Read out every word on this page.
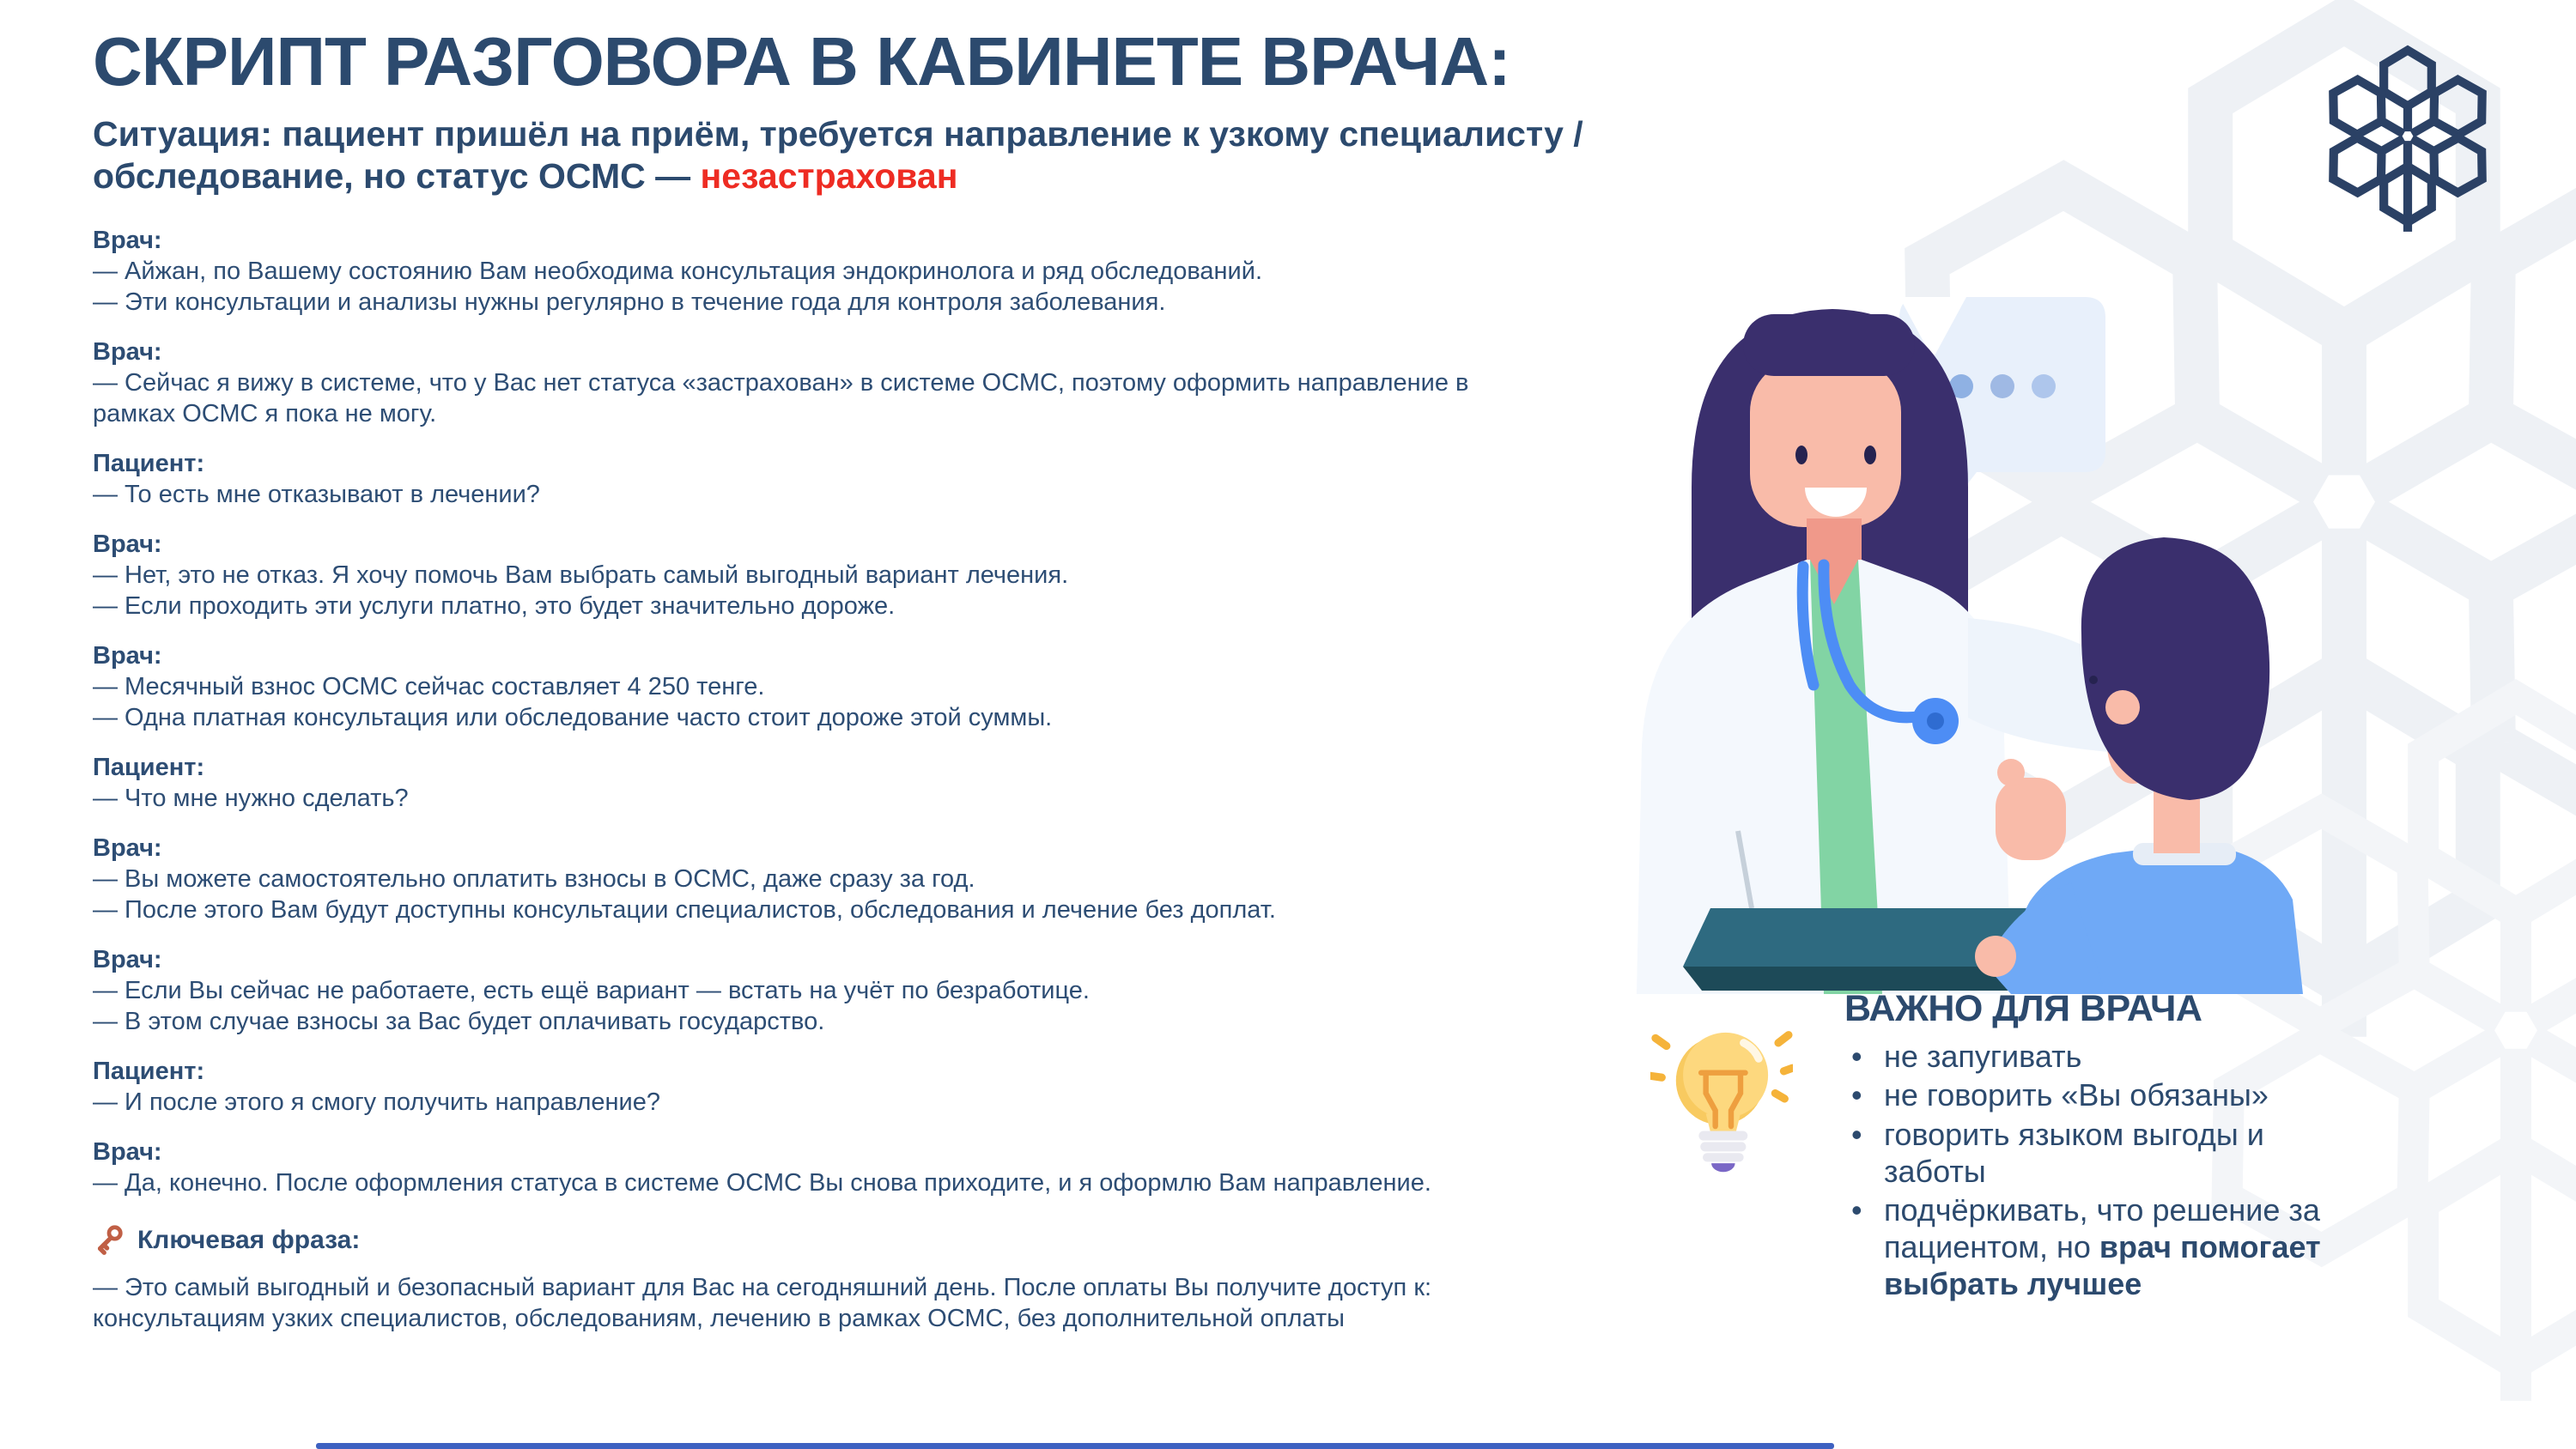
СКРИПТ РАЗГОВОРА В КАБИНЕТЕ ВРАЧА:

Ситуация: пациент пришёл на приём, требуется направление к узкому специалисту / обследование, но статус ОСМС — незастрахован

Врач:

— Айжан, по Вашему состоянию Вам необходима консультация эндокринолога и ряд обследований.

— Эти консультации и анализы нужны регулярно в течение года для контроля заболевания.

Врач:

— Сейчас я вижу в системе, что у Вас нет статуса «застрахован» в системе ОСМС, поэтому оформить направление в рамках ОСМС я пока не могу.

Пациент:

— То есть мне отказывают в лечении?

Врач:

— Нет, это не отказ. Я хочу помочь Вам выбрать самый выгодный вариант лечения.

— Если проходить эти услуги платно, это будет значительно дороже.

Врач:

— Месячный взнос ОСМС сейчас составляет 4 250 тенге.

— Одна платная консультация или обследование часто стоит дороже этой суммы.

Пациент:

— Что мне нужно сделать?

Врач:

— Вы можете самостоятельно оплатить взносы в ОСМС, даже сразу за год.

— После этого Вам будут доступны консультации специалистов, обследования и лечение без доплат.

Врач:

— Если Вы сейчас не работаете, есть ещё вариант — встать на учёт по безработице.

— В этом случае взносы за Вас будет оплачивать государство.

Пациент:

— И после этого я смогу получить направление?

Врач:

— Да, конечно. После оформления статуса в системе ОСМС Вы снова приходите, и я оформлю Вам направление.

Ключевая фраза:

— Это самый выгодный и безопасный вариант для Вас на сегодняшний день. После оплаты Вы получите доступ к: консультациям узких специалистов, обследованиям, лечению в рамках ОСМС, без дополнительной оплаты

ВАЖНО ДЛЯ ВРАЧА
• не запугивать
• не говорить «Вы обязаны»
• говорить языком выгоды и заботы
• подчёркивать, что решение за пациентом, но врач помогает выбрать лучшее
